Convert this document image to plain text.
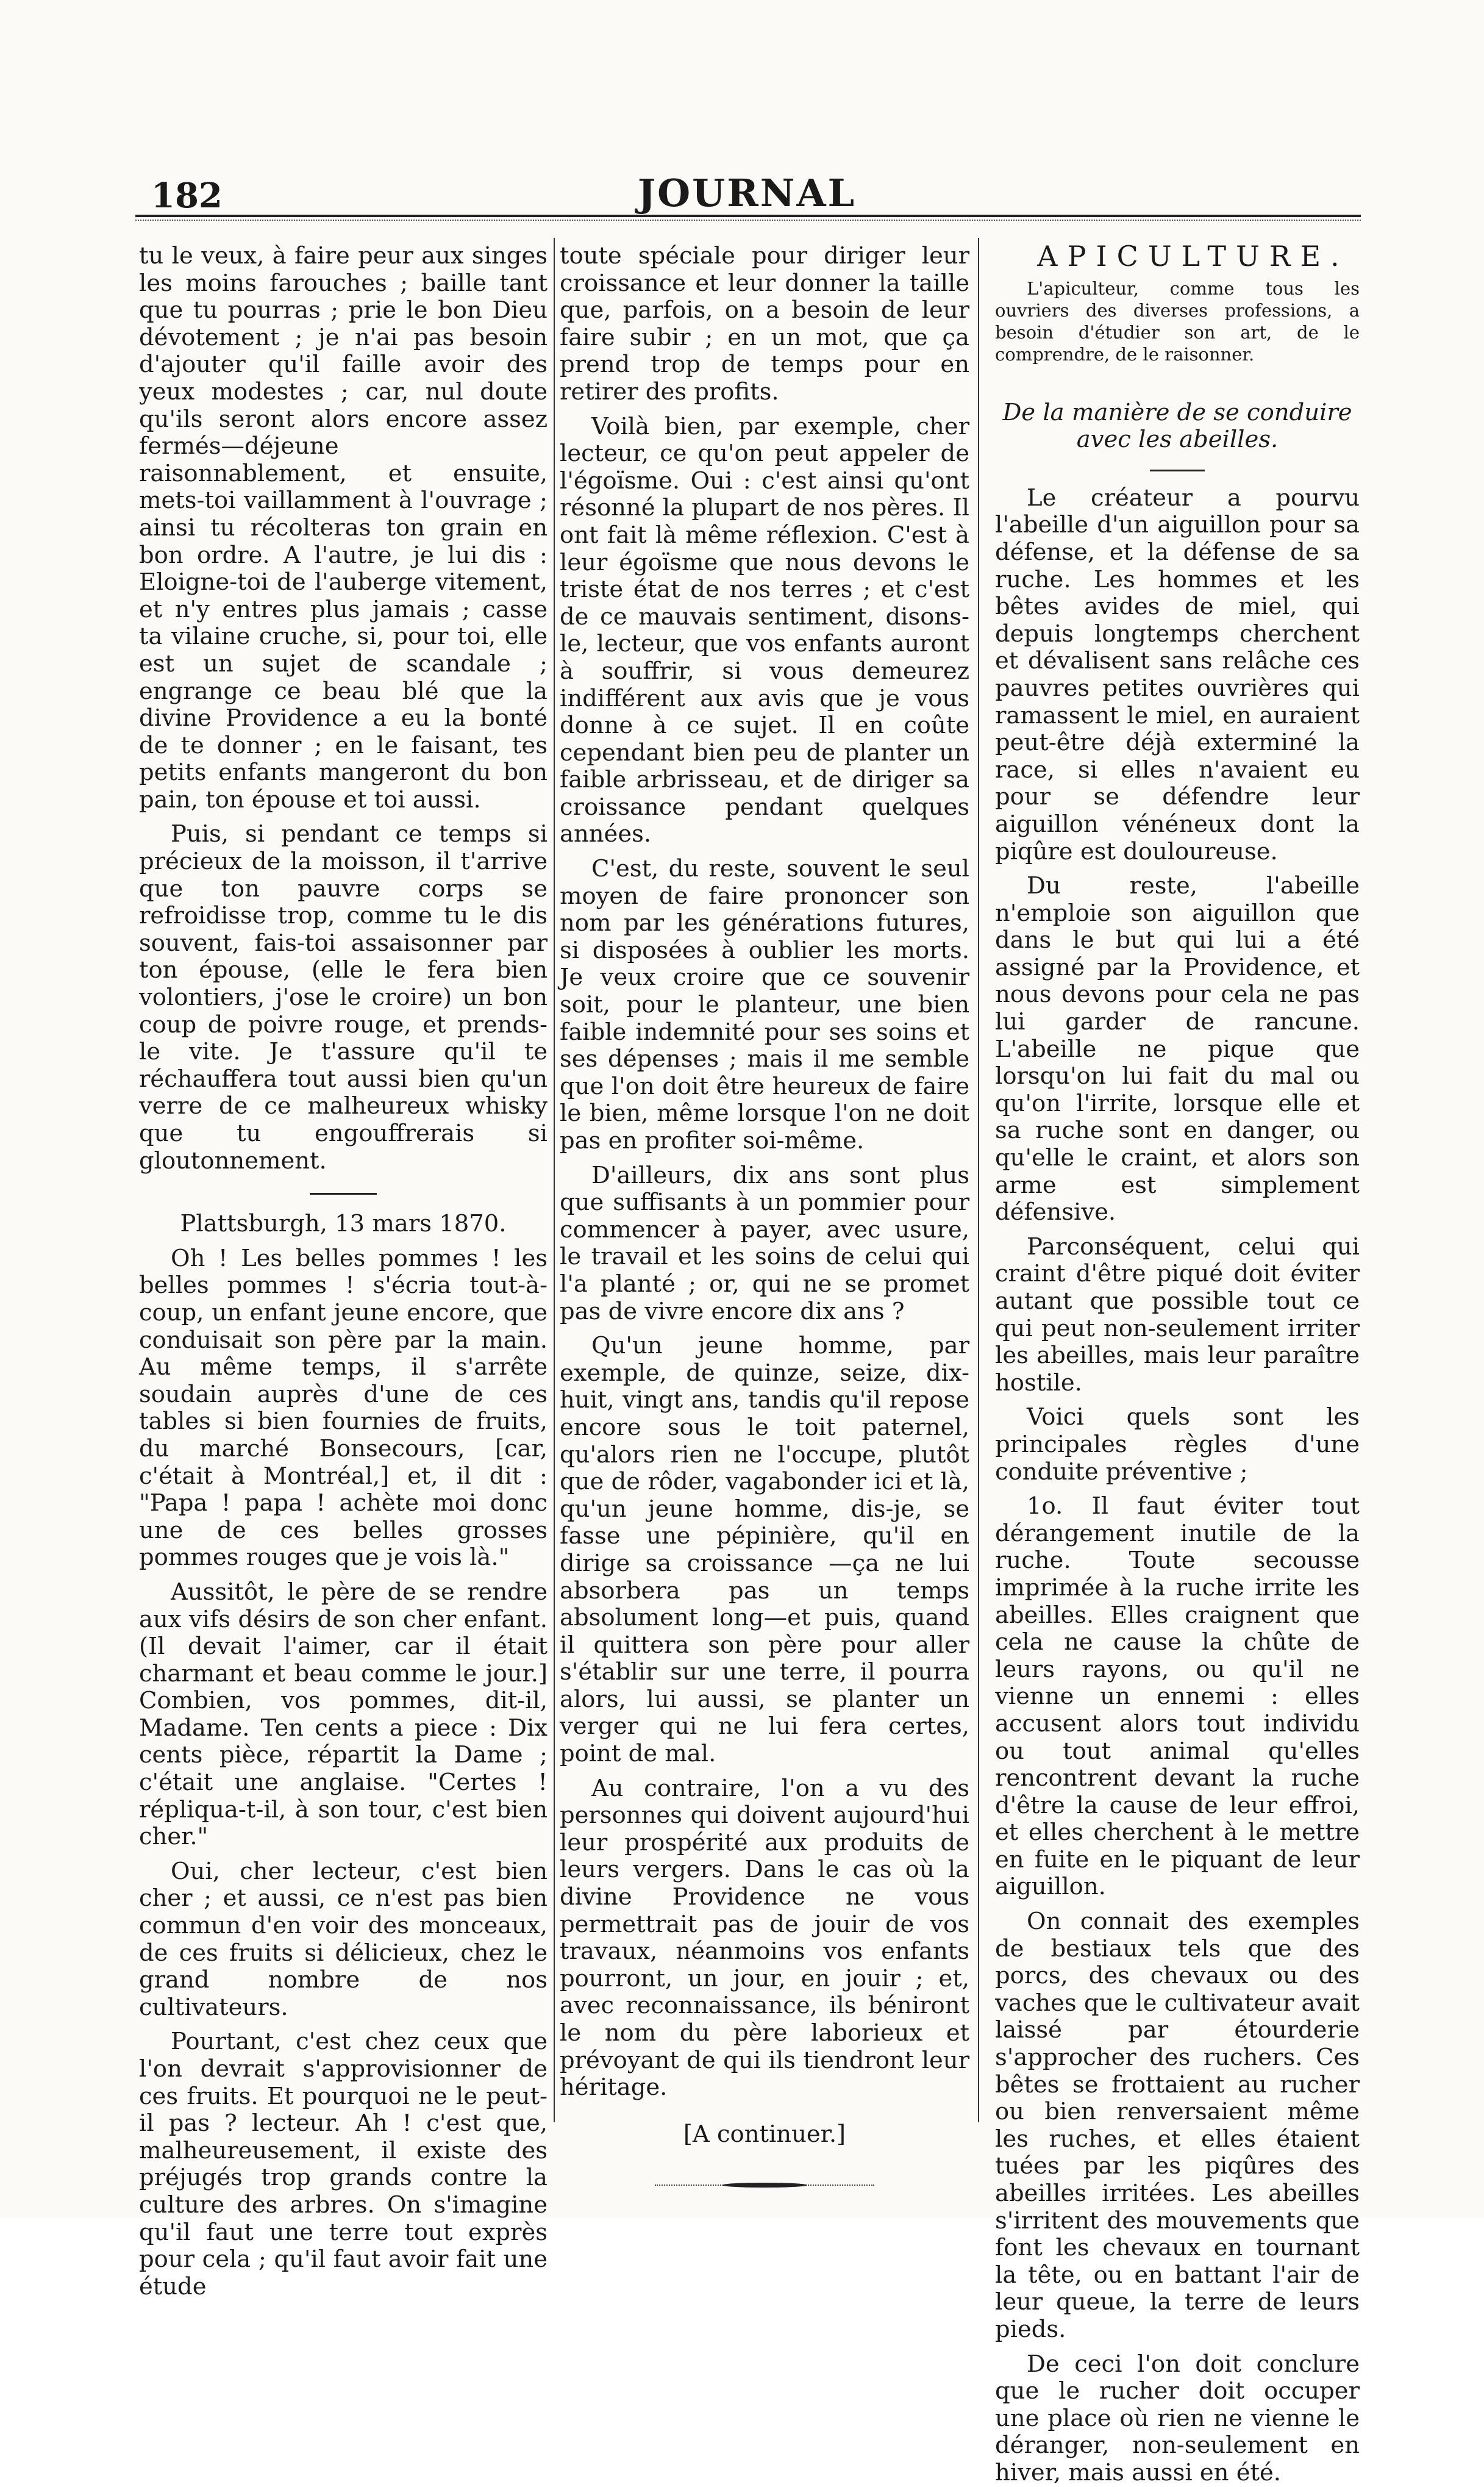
182	JOURNAL

tu le veux, à faire peur aux singes les moins farouches ; baille tant que tu pourras ; prie le bon Dieu dévotement ; je n'ai pas besoin d'ajouter qu'il faille avoir des yeux modestes ; car, nul doute qu'ils seront alors encore assez fermés—déjeune raisonnablement, et ensuite, mets-toi vaillamment à l'ouvrage ; ainsi tu récolteras ton grain en bon ordre. A l'autre, je lui dis : Eloigne-toi de l'auberge vitement, et n'y entres plus jamais ; casse ta vilaine cruche, si, pour toi, elle est un sujet de scandale ; engrange ce beau blé que la divine Providence a eu la bonté de te donner ; en le faisant, tes petits enfants mangeront du bon pain, ton épouse et toi aussi.

Puis, si pendant ce temps si précieux de la moisson, il t'arrive que ton pauvre corps se refroidisse trop, comme tu le dis souvent, fais-toi assaisonner par ton épouse, (elle le fera bien volontiers, j'ose le croire) un bon coup de poivre rouge, et prends-le vite. Je t'assure qu'il te réchauffera tout aussi bien qu'un verre de ce malheureux whisky que tu engouffrerais si gloutonnement.

Plattsburgh, 13 mars 1870.

Oh ! Les belles pommes ! les belles pommes ! s'écria tout-à-coup, un enfant jeune encore, que conduisait son père par la main. Au même temps, il s'arrête soudain auprès d'une de ces tables si bien fournies de fruits, du marché Bonsecours, [car, c'était à Montréal,] et, il dit : "Papa ! papa ! achète moi donc une de ces belles grosses pommes rouges que je vois là."

Aussitôt, le père de se rendre aux vifs désirs de son cher enfant. (Il devait l'aimer, car il était charmant et beau comme le jour.] Combien, vos pommes, dit-il, Madame. Ten cents a piece : Dix cents pièce, répartit la Dame ; c'était une anglaise. "Certes ! répliqua-t-il, à son tour, c'est bien cher."

Oui, cher lecteur, c'est bien cher ; et aussi, ce n'est pas bien commun d'en voir des monceaux, de ces fruits si délicieux, chez le grand nombre de nos cultivateurs.

Pourtant, c'est chez ceux que l'on devrait s'approvisionner de ces fruits. Et pourquoi ne le peut-il pas ? lecteur. Ah ! c'est que, malheureusement, il existe des préjugés trop grands contre la culture des arbres. On s'imagine qu'il faut une terre tout exprès pour cela ; qu'il faut avoir fait une étude

toute spéciale pour diriger leur croissance et leur donner la taille que, parfois, on a besoin de leur faire subir ; en un mot, que ça prend trop de temps pour en retirer des profits.

Voilà bien, par exemple, cher lecteur, ce qu'on peut appeler de l'égoïsme. Oui : c'est ainsi qu'ont résonné la plupart de nos pères. Il ont fait là même réflexion. C'est à leur égoïsme que nous devons le triste état de nos terres ; et c'est de ce mauvais sentiment, disons-le, lecteur, que vos enfants auront à souffrir, si vous demeurez indifférent aux avis que je vous donne à ce sujet. Il en coûte cependant bien peu de planter un faible arbrisseau, et de diriger sa croissance pendant quelques années.

C'est, du reste, souvent le seul moyen de faire prononcer son nom par les générations futures, si disposées à oublier les morts. Je veux croire que ce souvenir soit, pour le planteur, une bien faible indemnité pour ses soins et ses dépenses ; mais il me semble que l'on doit être heureux de faire le bien, même lorsque l'on ne doit pas en profiter soi-même.

D'ailleurs, dix ans sont plus que suffisants à un pommier pour commencer à payer, avec usure, le travail et les soins de celui qui l'a planté ; or, qui ne se promet pas de vivre encore dix ans ?

Qu'un jeune homme, par exemple, de quinze, seize, dix-huit, vingt ans, tandis qu'il repose encore sous le toit paternel, qu'alors rien ne l'occupe, plutôt que de rôder, vagabonder ici et là, qu'un jeune homme, dis-je, se fasse une pépinière, qu'il en dirige sa croissance —ça ne lui absorbera pas un temps absolument long—et puis, quand il quittera son père pour aller s'établir sur une terre, il pourra alors, lui aussi, se planter un verger qui ne lui fera certes, point de mal.

Au contraire, l'on a vu des personnes qui doivent aujourd'hui leur prospérité aux produits de leurs vergers. Dans le cas où la divine Providence ne vous permettrait pas de jouir de vos travaux, néanmoins vos enfants pourront, un jour, en jouir ; et, avec reconnaissance, ils béniront le nom du père laborieux et prévoyant de qui ils tiendront leur héritage.

[A continuer.]

APICULTURE.

L'apiculteur, comme tous les ouvriers des diverses professions, a besoin d'étudier son art, de le comprendre, de le raisonner.

De la manière de se conduire avec les abeilles.

Le créateur a pourvu l'abeille d'un aiguillon pour sa défense, et la défense de sa ruche. Les hommes et les bêtes avides de miel, qui depuis longtemps cherchent et dévalisent sans relâche ces pauvres petites ouvrières qui ramassent le miel, en auraient peut-être déjà exterminé la race, si elles n'avaient eu pour se défendre leur aiguillon vénéneux dont la piqûre est douloureuse.

Du reste, l'abeille n'emploie son aiguillon que dans le but qui lui a été assigné par la Providence, et nous devons pour cela ne pas lui garder de rancune. L'abeille ne pique que lorsqu'on lui fait du mal ou qu'on l'irrite, lorsque elle et sa ruche sont en danger, ou qu'elle le craint, et alors son arme est simplement défensive.

Parconséquent, celui qui craint d'être piqué doit éviter autant que possible tout ce qui peut non-seulement irriter les abeilles, mais leur paraître hostile.

Voici quels sont les principales règles d'une conduite préventive ;

1o. Il faut éviter tout dérangement inutile de la ruche. Toute secousse imprimée à la ruche irrite les abeilles. Elles craignent que cela ne cause la chûte de leurs rayons, ou qu'il ne vienne un ennemi : elles accusent alors tout individu ou tout animal qu'elles rencontrent devant la ruche d'être la cause de leur effroi, et elles cherchent à le mettre en fuite en le piquant de leur aiguillon.

On connait des exemples de bestiaux tels que des porcs, des chevaux ou des vaches que le cultivateur avait laissé par étourderie s'approcher des ruchers. Ces bêtes se frottaient au rucher ou bien renversaient même les ruches, et elles étaient tuées par les piqûres des abeilles irritées. Les abeilles s'irritent des mouvements que font les chevaux en tournant la tête, ou en battant l'air de leur queue, la terre de leurs pieds.

De ceci l'on doit conclure que le rucher doit occuper une place où rien ne vienne le déranger, non-seulement en hiver, mais aussi en été.
